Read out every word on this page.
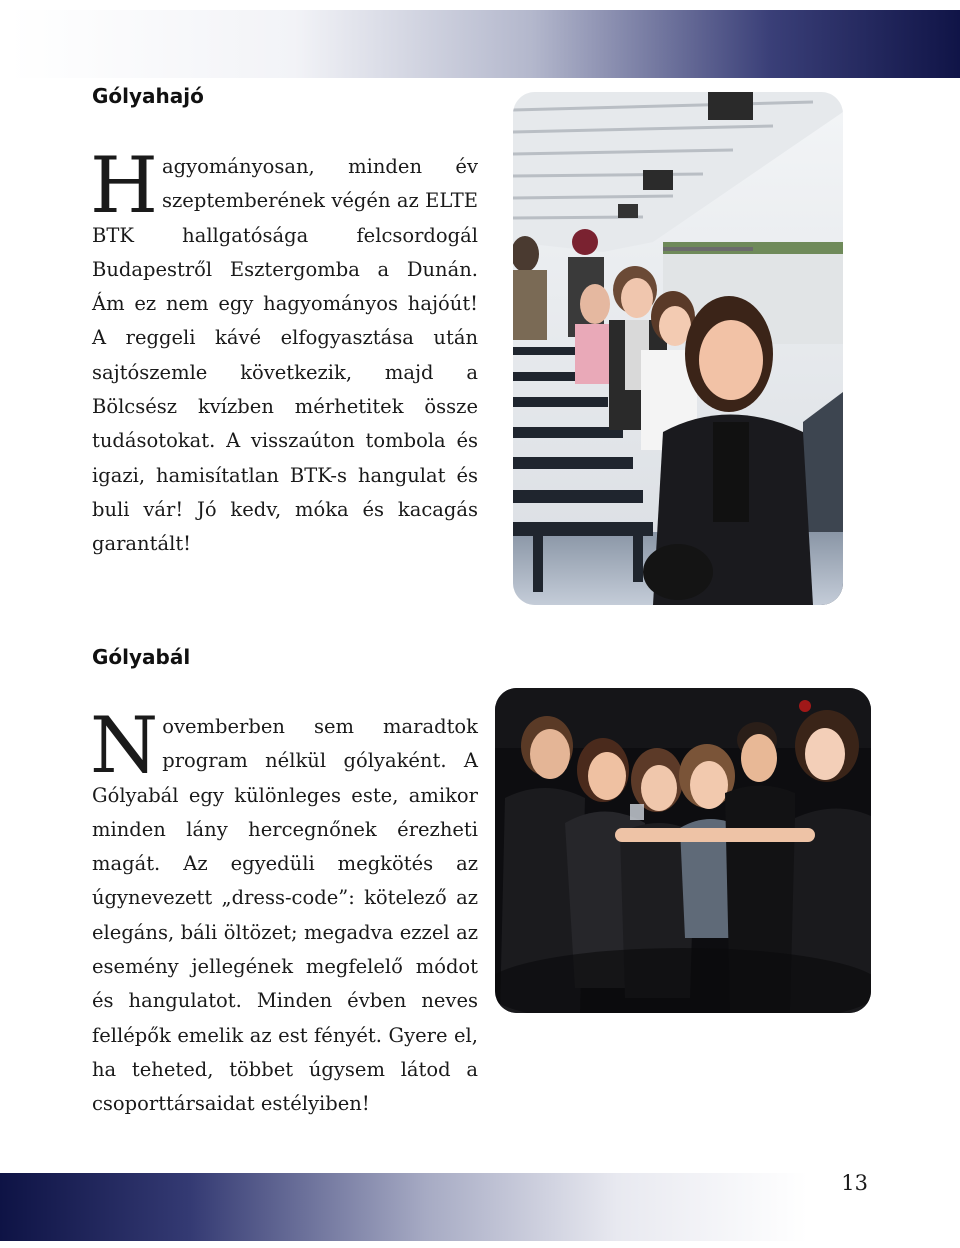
Gólyahajó

Hagyományosan, minden év szeptemberének végén az ELTE BTK hallgatósága felcsordogál Budapestről Esztergomba a Dunán. Ám ez nem egy hagyományos hajóút! A reggeli kávé elfogyasztása után sajtószemle következik, majd a Bölcsész kvízben mérhetitek össze tudásotokat. A visszaúton tombola és igazi, hamisítatlan BTK-s hangulat és buli vár! Jó kedv, móka és kacagás garantált!

Gólyabál

Novemberben sem maradtok program nélkül gólyaként. A Gólyabál egy különleges este, amikor minden lány hercegnőnek érezheti magát. Az egyedüli megkötés az úgynevezett „dress-code”: kötelező az elegáns, báli öltözet; megadva ezzel az esemény jellegének megfelelő módot és hangulatot. Minden évben neves fellépők emelik az est fényét. Gyere el, ha teheted, többet úgysem látod a csoporttársaidat estélyiben!

13
